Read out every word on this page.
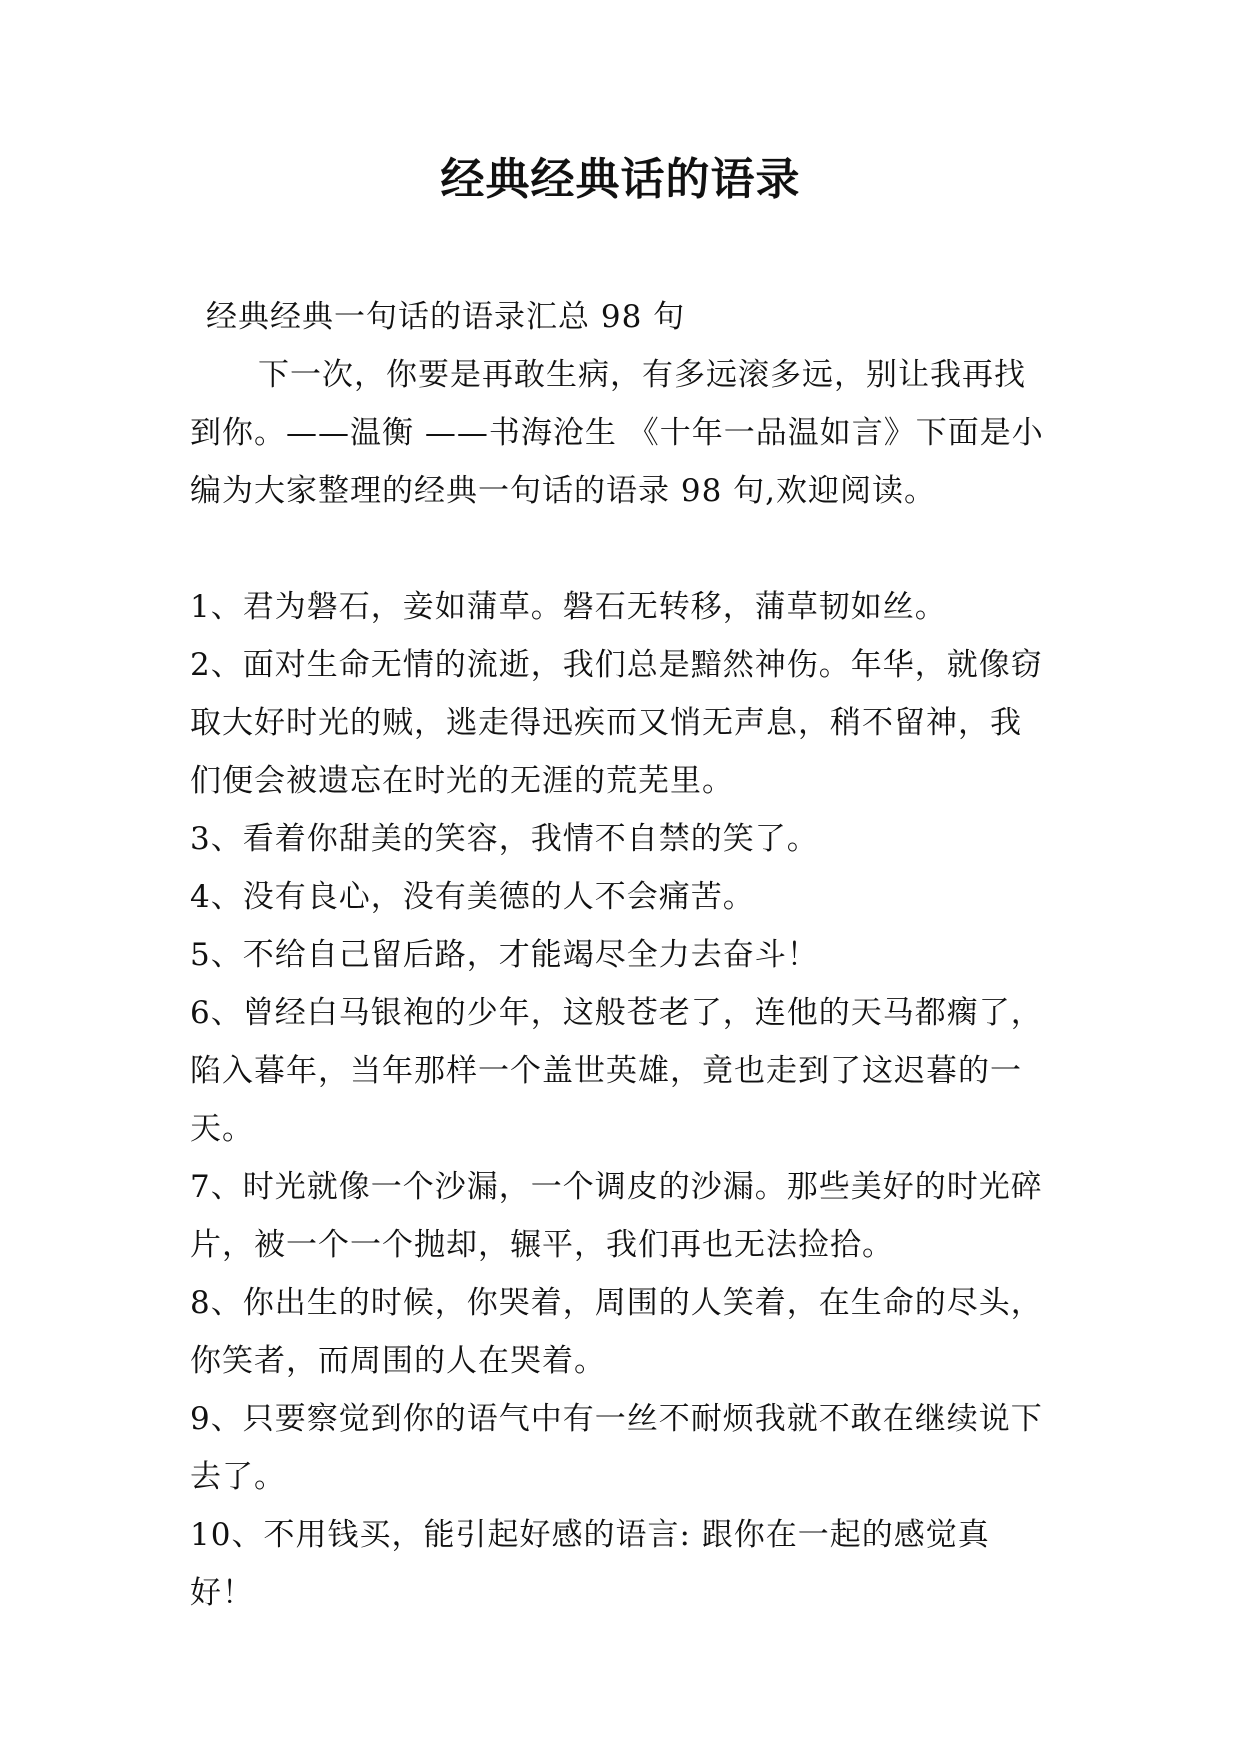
经典经典话的语录

经典经典一句话的语录汇总 98 句

下一次，你要是再敢生病，有多远滚多远，别让我再找到你。——温衡 ——书海沧生 《十年一品温如言》下面是小编为大家整理的经典一句话的语录 98 句,欢迎阅读。

1、君为磐石，妾如蒲草。磐石无转移，蒲草韧如丝。
2、面对生命无情的流逝，我们总是黯然神伤。年华，就像窃取大好时光的贼，逃走得迅疾而又悄无声息，稍不留神，我们便会被遗忘在时光的无涯的荒芜里。
3、看着你甜美的笑容，我情不自禁的笑了。
4、没有良心，没有美德的人不会痛苦。
5、不给自己留后路，才能竭尽全力去奋斗！
6、曾经白马银袍的少年，这般苍老了，连他的天马都瘸了，陷入暮年，当年那样一个盖世英雄，竟也走到了这迟暮的一天。
7、时光就像一个沙漏，一个调皮的沙漏。那些美好的时光碎片，被一个一个抛却，辗平，我们再也无法捡拾。
8、你出生的时候，你哭着，周围的人笑着，在生命的尽头，你笑者，而周围的人在哭着。
9、只要察觉到你的语气中有一丝不耐烦我就不敢在继续说下去了。
10、不用钱买，能引起好感的语言: 跟你在一起的感觉真好！
